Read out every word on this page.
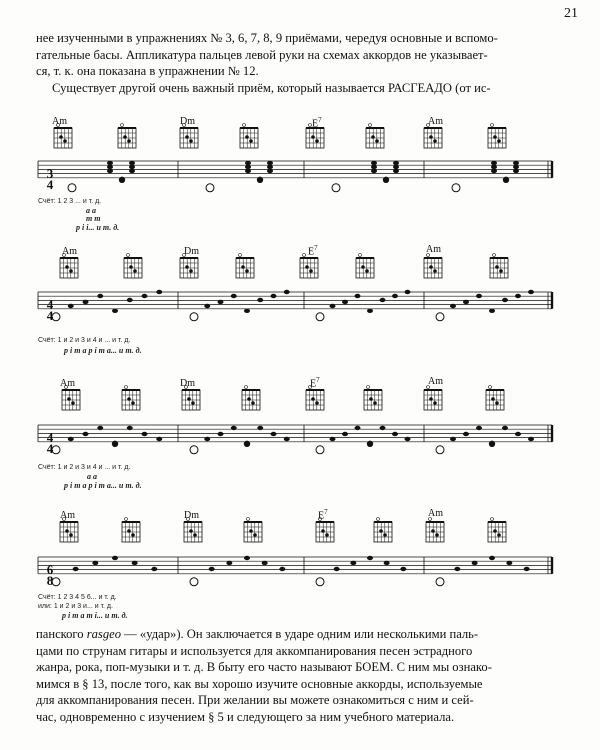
21
нее изученными в упражнениях № 3, 6, 7, 8, 9 приёмами, чередуя основные и вспомо-
гательные басы. Аппликатура пальцев левой руки на схемах аккордов не указывает-
ся, т. к. она показана в упражнении № 12.
Существует другой очень важный приём, который называется РАСГЕАДО (от ис-
Am	Dm	$E^7$	Am
3
4
Счёт: 1 2 3 ... и т. д.
a a
m m
p i i... и т. д.
Am	Dm	$E^7$	Am
4
4
Счёт: 1 и 2 и 3 и 4 и ... и т. д.
p i m a p i m a... и т. д.
Am	Dm	$E^7$	Am
4
4
Счёт: 1 и 2 и 3 и 4 и ... и т. д.
a a
p i m a p i m a... и т. д.
Am	Dm	$E^7$	Am
6
8
Счёт: 1 2 3 4 5 6... и т. д.
или: 1 и 2 и 3 и... и т. д.
p i m a m i... и т. д.
панского rasgeo — «удар»). Он заключается в ударе одним или несколькими паль-
цами по струнам гитары и используется для аккомпанирования песен эстрадного
жанра, рока, поп-музыки и т. д. В быту его часто называют БОЕМ. С ним мы ознако-
мимся в § 13, после того, как вы хорошо изучите основные аккорды, используемые
для аккомпанирования песен. При желании вы можете ознакомиться с ним и сей-
час, одновременно с изучением § 5 и следующего за ним учебного материала.
